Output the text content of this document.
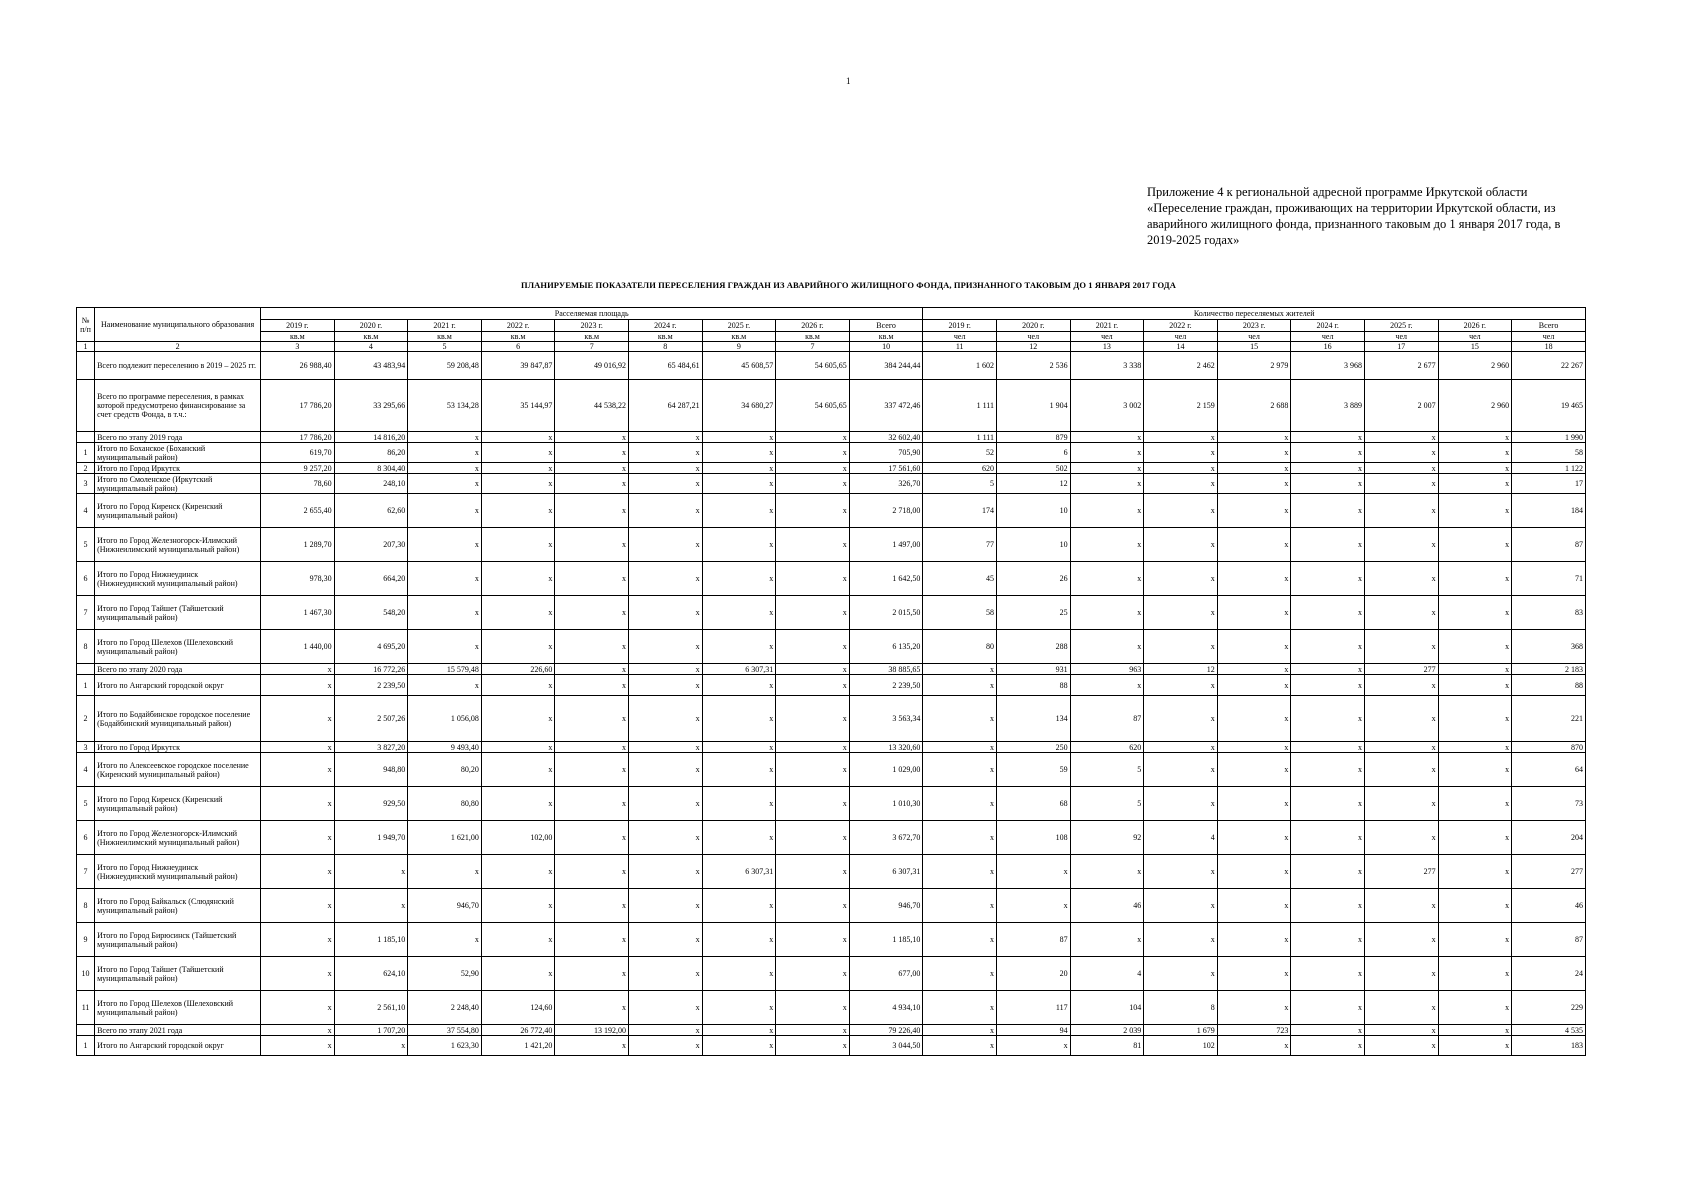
1
Приложение 4 к региональной адресной программе Иркутской области «Переселение граждан, проживающих на территории Иркутской области, из аварийного жилищного фонда, признанного таковым до 1 января 2017 года, в 2019-2025 годах»
ПЛАНИРУЕМЫЕ ПОКАЗАТЕЛИ ПЕРЕСЕЛЕНИЯ ГРАЖДАН ИЗ АВАРИЙНОГО ЖИЛИЩНОГО ФОНДА, ПРИЗНАННОГО ТАКОВЫМ ДО 1 ЯНВАРЯ 2017 ГОДА
№ п/п	Наименование муниципального образования	Расселяемая площадь									Количество переселяемых жителей								
		2019 г.	2020 г.	2021 г.	2022 г.	2023 г.	2024 г.	2025 г.	2026 г.	Всего	2019 г.	2020 г.	2021 г.	2022 г.	2023 г.	2024 г.	2025 г.	2026 г.	Всего
		кв.м	кв.м	кв.м	кв.м	кв.м	кв.м	кв.м	кв.м	кв.м	чел	чел	чел	чел	чел	чел	чел	чел	чел
1	2	3	4	5	6	7	8	9	7	10	11	12	13	14	15	16	17	15	18
	Всего подлежит переселению в 2019 – 2025 гг.	26 988,40	43 483,94	59 208,48	39 847,87	49 016,92	65 484,61	45 608,57	54 605,65	384 244,44	1 602	2 536	3 338	2 462	2 979	3 968	2 677	2 960	22 267
	Всего по программе переселения, в рамках которой предусмотрено финансирование за счет средств Фонда, в т.ч.:	17 786,20	33 295,66	53 134,28	35 144,97	44 538,22	64 287,21	34 680,27	54 605,65	337 472,46	1 111	1 904	3 002	2 159	2 688	3 889	2 007	2 960	19 465
	Всего по этапу 2019 года	17 786,20	14 816,20	x	x	x	x	x	x	32 602,40	1 111	879	x	x	x	x	x	x	1 990
1	Итого по Боханское (Боханский муниципальный район)	619,70	86,20	x	x	x	x	x	x	705,90	52	6	x	x	x	x	x	x	58
2	Итого по Город Иркутск	9 257,20	8 304,40	x	x	x	x	x	x	17 561,60	620	502	x	x	x	x	x	x	1 122
3	Итого по Смоленское (Иркутский муниципальный район)	78,60	248,10	x	x	x	x	x	x	326,70	5	12	x	x	x	x	x	x	17
4	Итого по Город Киренск (Киренский муниципальный район)	2 655,40	62,60	x	x	x	x	x	x	2 718,00	174	10	x	x	x	x	x	x	184
5	Итого по Город Железногорск-Илимский (Нижнеилимский муниципальный район)	1 289,70	207,30	x	x	x	x	x	x	1 497,00	77	10	x	x	x	x	x	x	87
6	Итого по Город Нижнеудинск (Нижнеудинский муниципальный район)	978,30	664,20	x	x	x	x	x	x	1 642,50	45	26	x	x	x	x	x	x	71
7	Итого по Город Тайшет (Тайшетский муниципальный район)	1 467,30	548,20	x	x	x	x	x	x	2 015,50	58	25	x	x	x	x	x	x	83
8	Итого по Город Шелехов (Шелеховский муниципальный район)	1 440,00	4 695,20	x	x	x	x	x	x	6 135,20	80	288	x	x	x	x	x	x	368
	Всего по этапу 2020 года	x	16 772,26	15 579,48	226,60	x	x	6 307,31	x	38 885,65	x	931	963	12	x	x	277	x	2 183
1	Итого по Ангарский городской округ	x	2 239,50	x	x	x	x	x	x	2 239,50	x	88	x	x	x	x	x	x	88
2	Итого по Бодайбинское городское поселение (Бодайбинский муниципальный район)	x	2 507,26	1 056,08	x	x	x	x	x	3 563,34	x	134	87	x	x	x	x	x	221
3	Итого по Город Иркутск	x	3 827,20	9 493,40	x	x	x	x	x	13 320,60	x	250	620	x	x	x	x	x	870
4	Итого по Алексеевское городское поселение (Киренский муниципальный район)	x	948,80	80,20	x	x	x	x	x	1 029,00	x	59	5	x	x	x	x	x	64
5	Итого по Город Киренск (Киренский муниципальный район)	x	929,50	80,80	x	x	x	x	x	1 010,30	x	68	5	x	x	x	x	x	73
6	Итого по Город Железногорск-Илимский (Нижнеилимский муниципальный район)	x	1 949,70	1 621,00	102,00	x	x	x	x	3 672,70	x	108	92	4	x	x	x	x	204
7	Итого по Город Нижнеудинск (Нижнеудинский муниципальный район)	x	x	x	x	x	x	6 307,31	x	6 307,31	x	x	x	x	x	x	277	x	277
8	Итого по Город Байкальск (Слюдянский муниципальный район)	x	x	946,70	x	x	x	x	x	946,70	x	x	46	x	x	x	x	x	46
9	Итого по Город Бирюсинск (Тайшетский муниципальный район)	x	1 185,10	x	x	x	x	x	x	1 185,10	x	87	x	x	x	x	x	x	87
10	Итого по Город Тайшет (Тайшетский муниципальный район)	x	624,10	52,90	x	x	x	x	x	677,00	x	20	4	x	x	x	x	x	24
11	Итого по Город Шелехов (Шелеховский муниципальный район)	x	2 561,10	2 248,40	124,60	x	x	x	x	4 934,10	x	117	104	8	x	x	x	x	229
	Всего по этапу 2021 года	x	1 707,20	37 554,80	26 772,40	13 192,00	x	x	x	79 226,40	x	94	2 039	1 679	723	x	x	x	4 535
1	Итого по Ангарский городской округ	x	x	1 623,30	1 421,20	x	x	x	x	3 044,50	x	x	81	102	x	x	x	x	183
